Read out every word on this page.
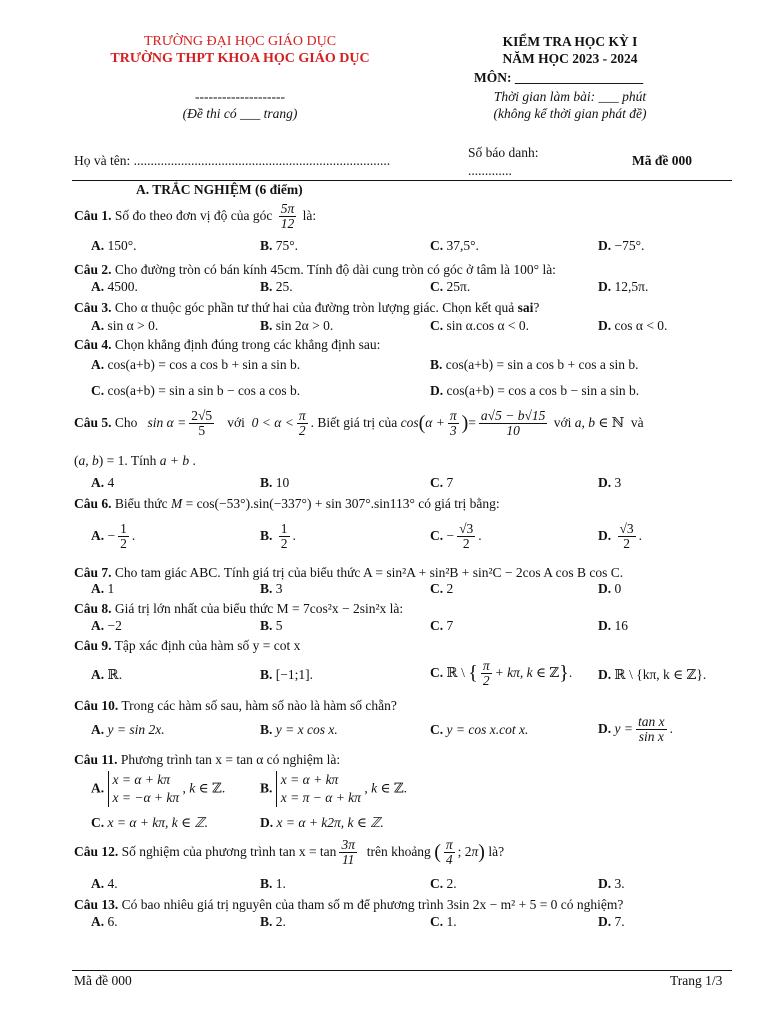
TRƯỜNG ĐẠI HỌC GIÁO DỤC
TRƯỜNG THPT KHOA HỌC GIÁO DỤC
--------------------
(Đề thi có ___ trang)
KIỂM TRA HỌC KỲ I
NĂM HỌC 2023 - 2024
MÔN: ___________________
Thời gian làm bài: ___ phút
(không kể thời gian phát đề)
Họ và tên: ............................................................................
Số báo danh:
.............
Mã đề 000
A. TRẮC NGHIỆM (6 điểm)
Câu 1. Số đo theo đơn vị độ của góc $\frac{5\pi}{12}$ là:
A. 150°.	B. 75°.	C. 37,5°.	D. −75°.
Câu 2. Cho đường tròn có bán kính 45cm. Tính độ dài cung tròn có góc ở tâm là 100° là:
A. 4500.	B. 25.	C. 25π.	D. 12,5π.
Câu 3. Cho α thuộc góc phần tư thứ hai của đường tròn lượng giác. Chọn kết quả sai?
A. sin α > 0.	B. sin 2α > 0.	C. sin α.cos α < 0.	D. cos α < 0.
Câu 4. Chọn khẳng định đúng trong các khẳng định sau:
A. cos(a+b) = cos a cos b + sin a sin b.	B. cos(a+b) = sin a cos b + cos a sin b.
C. cos(a+b) = sin a sin b − cos a cos b.	D. cos(a+b) = cos a cos b − sin a sin b.
Câu 5. Cho $\sin \alpha = \frac{2√5}{5}$ với  $0 < \alpha < \frac{\pi}{2}$ . Biết giá trị của $\cos(\alpha + \frac{\pi}{3}$ )= $\frac{a√5 - b√15}{10}$ với a, b ∈ ℕ  và
(a, b) = 1. Tính a + b .
A. 4	B. 10	C. 7	D. 3
Câu 6. Biểu thức M = cos(−53°).sin(−337°) + sin 307°.sin113° có giá trị bằng:
A. − $\frac{1}{2}$ .	B. $\frac{1}{2}$ .	C. − $\frac{√3}{2}$ .	D. $\frac{√3}{2}$ .
Câu 7. Cho tam giác ABC. Tính giá trị của biểu thức A = sin²A + sin²B + sin²C − 2cos A cos B cos C.
A. 1	B. 3	C. 2	D. 0
Câu 8. Giá trị lớn nhất của biểu thức M = 7cos²x − 2sin²x là:
A. −2	B. 5	C. 7	D. 16
Câu 9. Tập xác định của hàm số y = cot x
A. ℝ.	B. [−1;1].	C. ℝ \ { $\frac{\pi}{2} + k\pi$, k ∈ ℤ}. D. ℝ \ {kπ, k ∈ ℤ}.
Câu 10. Trong các hàm số sau, hàm số nào là hàm số chẵn?
A. y = sin 2x.	B. y = x cos x.	C. y = cos x.cot x.	D. $y = \frac{\text{tan x}}{\text{sin x}}$ .
Câu 11. Phương trình tan x = tan α có nghiệm là:
A.
x = α + kπ
x = −α + kπ
, k ∈ ℤ.	B.
x = α + kπ
x = π − α + kπ
, k ∈ ℤ.
C. x = α + kπ, k ∈ ℤ.	D. x = α + k2π, k ∈ ℤ.
Câu 12. Số nghiệm của phương trình $\tan x = \tan \frac{3\pi}{11}$ trên khoảng ( $\frac{\pi}{4}$ ; 2π) là?
A. 4.	B. 1.	C. 2.	D. 3.
Câu 13. Có bao nhiêu giá trị nguyên của tham số m để phương trình 3sin 2x − m² + 5 = 0 có nghiệm?
A. 6.	B. 2.	C. 1.	D. 7.
Mã đề 000	Trang 1/3
